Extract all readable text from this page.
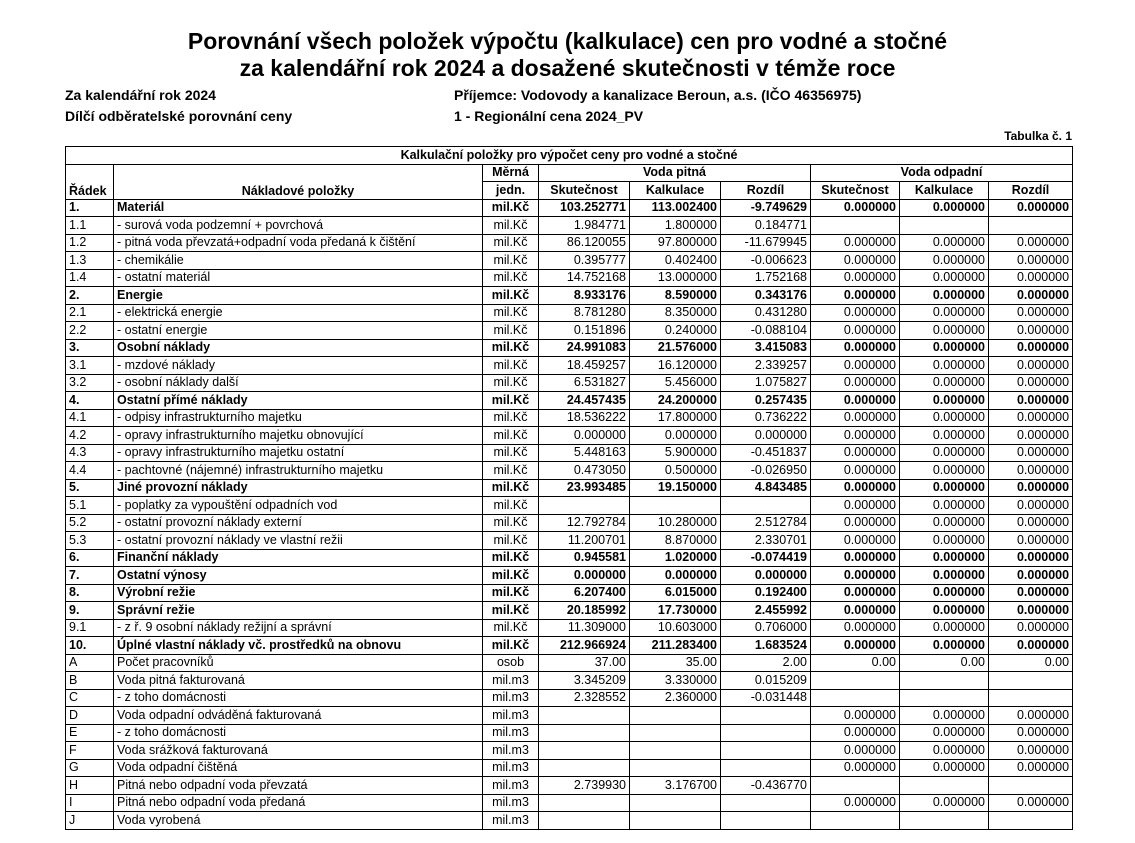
Porovnání všech položek výpočtu (kalkulace) cen pro vodné a stočné
za kalendářní rok 2024 a dosažené skutečnosti v témže roce
Za kalendářní rok 2024	Příjemce: Vodovody a kanalizace Beroun, a.s. (IČO 46356975)
Dílčí odběratelské porovnání ceny	1 - Regionální cena 2024_PV
Tabulka č. 1
Kalkulační položky pro výpočet ceny pro vodné a stočné								
Řádek	Nákladové položky	Měrná	Voda pitná			Voda odpadní		
		jedn.	Skutečnost	Kalkulace	Rozdíl	Skutečnost	Kalkulace	Rozdíl
1.	Materiál	mil.Kč	103.252771	113.002400	-9.749629	0.000000	0.000000	0.000000
1.1	- surová voda podzemní + povrchová	mil.Kč	1.984771	1.800000	0.184771			
1.2	- pitná voda převzatá+odpadní voda předaná k čištění	mil.Kč	86.120055	97.800000	-11.679945	0.000000	0.000000	0.000000
1.3	- chemikálie	mil.Kč	0.395777	0.402400	-0.006623	0.000000	0.000000	0.000000
1.4	- ostatní materiál	mil.Kč	14.752168	13.000000	1.752168	0.000000	0.000000	0.000000
2.	Energie	mil.Kč	8.933176	8.590000	0.343176	0.000000	0.000000	0.000000
2.1	- elektrická energie	mil.Kč	8.781280	8.350000	0.431280	0.000000	0.000000	0.000000
2.2	- ostatní energie	mil.Kč	0.151896	0.240000	-0.088104	0.000000	0.000000	0.000000
3.	Osobní náklady	mil.Kč	24.991083	21.576000	3.415083	0.000000	0.000000	0.000000
3.1	- mzdové náklady	mil.Kč	18.459257	16.120000	2.339257	0.000000	0.000000	0.000000
3.2	- osobní náklady další	mil.Kč	6.531827	5.456000	1.075827	0.000000	0.000000	0.000000
4.	Ostatní přímé náklady	mil.Kč	24.457435	24.200000	0.257435	0.000000	0.000000	0.000000
4.1	- odpisy infrastrukturního majetku	mil.Kč	18.536222	17.800000	0.736222	0.000000	0.000000	0.000000
4.2	- opravy infrastrukturního majetku obnovující	mil.Kč	0.000000	0.000000	0.000000	0.000000	0.000000	0.000000
4.3	- opravy infrastrukturního majetku ostatní	mil.Kč	5.448163	5.900000	-0.451837	0.000000	0.000000	0.000000
4.4	- pachtovné (nájemné) infrastrukturního majetku	mil.Kč	0.473050	0.500000	-0.026950	0.000000	0.000000	0.000000
5.	Jiné provozní náklady	mil.Kč	23.993485	19.150000	4.843485	0.000000	0.000000	0.000000
5.1	- poplatky za vypouštění odpadních vod	mil.Kč				0.000000	0.000000	0.000000
5.2	- ostatní provozní náklady externí	mil.Kč	12.792784	10.280000	2.512784	0.000000	0.000000	0.000000
5.3	- ostatní provozní náklady ve vlastní režii	mil.Kč	11.200701	8.870000	2.330701	0.000000	0.000000	0.000000
6.	Finanční náklady	mil.Kč	0.945581	1.020000	-0.074419	0.000000	0.000000	0.000000
7.	Ostatní výnosy	mil.Kč	0.000000	0.000000	0.000000	0.000000	0.000000	0.000000
8.	Výrobní režie	mil.Kč	6.207400	6.015000	0.192400	0.000000	0.000000	0.000000
9.	Správní režie	mil.Kč	20.185992	17.730000	2.455992	0.000000	0.000000	0.000000
9.1	- z ř. 9 osobní náklady režijní a správní	mil.Kč	11.309000	10.603000	0.706000	0.000000	0.000000	0.000000
10.	Úplné vlastní náklady vč. prostředků na obnovu	mil.Kč	212.966924	211.283400	1.683524	0.000000	0.000000	0.000000
A	Počet pracovníků	osob	37.00	35.00	2.00	0.00	0.00	0.00
B	Voda pitná fakturovaná	mil.m3	3.345209	3.330000	0.015209			
C	- z toho domácnosti	mil.m3	2.328552	2.360000	-0.031448			
D	Voda odpadní odváděná fakturovaná	mil.m3				0.000000	0.000000	0.000000
E	- z toho domácnosti	mil.m3				0.000000	0.000000	0.000000
F	Voda srážková fakturovaná	mil.m3				0.000000	0.000000	0.000000
G	Voda odpadní čištěná	mil.m3				0.000000	0.000000	0.000000
H	Pitná nebo odpadní voda převzatá	mil.m3	2.739930	3.176700	-0.436770			
I	Pitná nebo odpadní voda předaná	mil.m3				0.000000	0.000000	0.000000
J	Voda vyrobená	mil.m3						
